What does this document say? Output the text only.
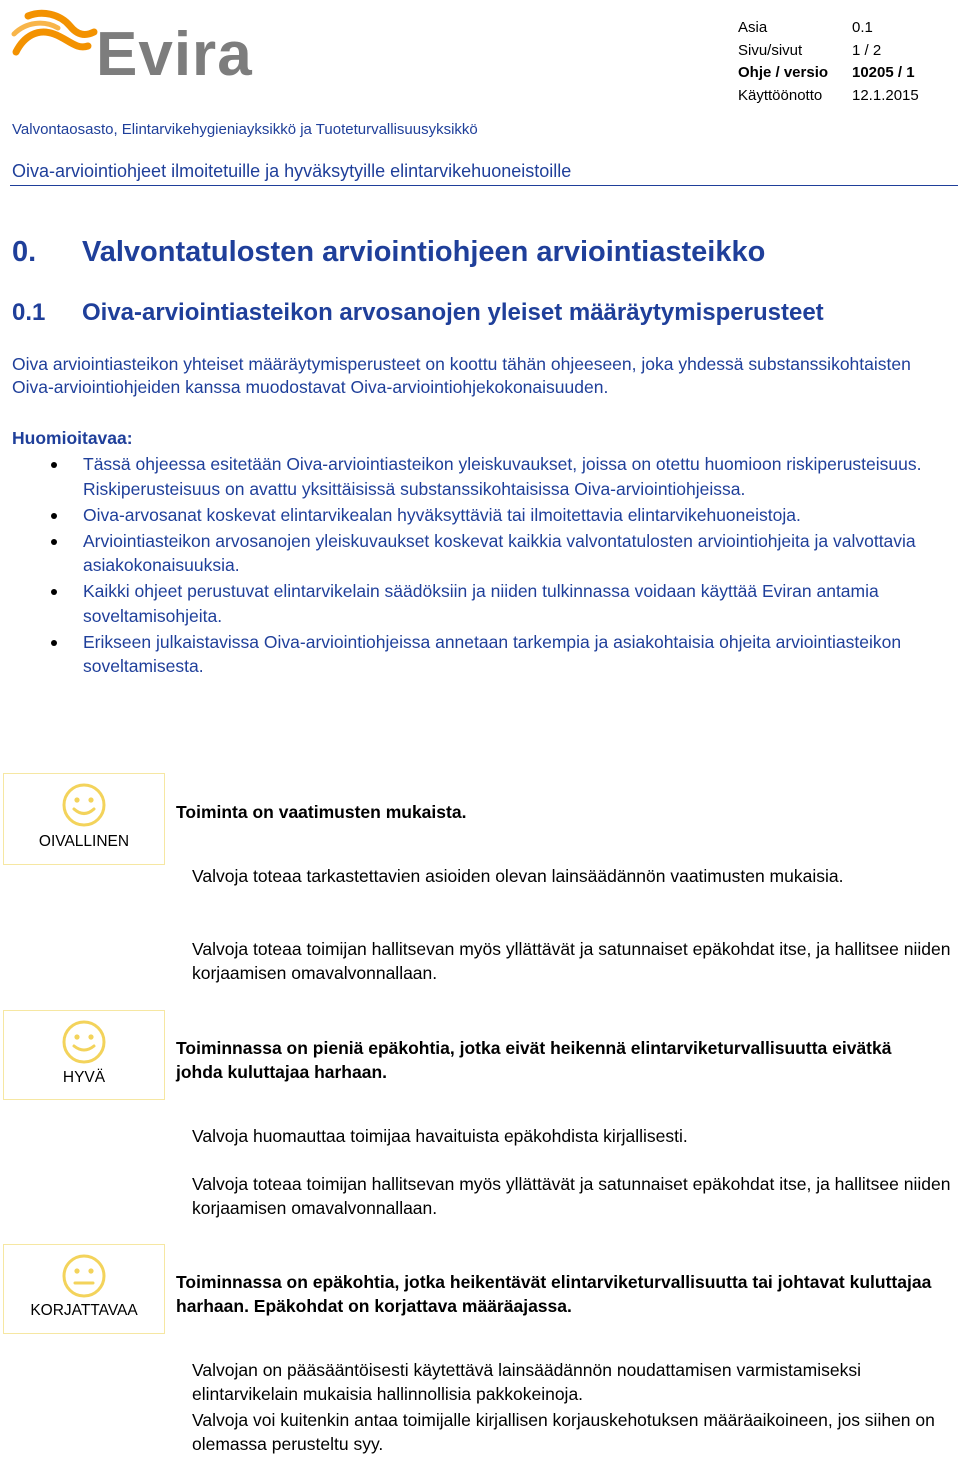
Evira	Asia	0.1
Sivu/sivut	1 / 2
Ohje / versio	10205 / 1
Käyttöönotto	12.1.2015
Valvontaosasto, Elintarvikehygieniayksikkö ja Tuoteturvallisuusyksikkö
Oiva-arviointiohjeet ilmoitetuille ja hyväksytyille elintarvikehuoneistoille
0. Valvontatulosten arviointiohjeen arviointiasteikko
0.1 Oiva-arviointiasteikon arvosanojen yleiset määräytymisperusteet
Oiva arviointiasteikon yhteiset määräytymisperusteet on koottu tähän ohjeeseen, joka yhdessä substanssikohtaisten Oiva-arviointiohjeiden kanssa muodostavat Oiva-arviointiohjekokonaisuuden.
Huomioitavaa:
Tässä ohjeessa esitetään Oiva-arviointiasteikon yleiskuvaukset, joissa on otettu huomioon riskiperusteisuus. Riskiperusteisuus on avattu yksittäisissä substanssikohtaisissa Oiva-arviointiohjeissa.
Oiva-arvosanat koskevat elintarvikealan hyväksyttäviä tai ilmoitettavia elintarvikehuoneistoja.
Arviointiasteikon arvosanojen yleiskuvaukset koskevat kaikkia valvontatulosten arviointiohjeita ja valvottavia asiakokonaisuuksia.
Kaikki ohjeet perustuvat elintarvikelain säädöksiin ja niiden tulkinnassa voidaan käyttää Eviran antamia soveltamisohjeita.
Erikseen julkaistavissa Oiva-arviointiohjeissa annetaan tarkempia ja asiakohtaisia ohjeita arviointiasteikon soveltamisesta.
OIVALLINEN
Toiminta on vaatimusten mukaista.
Valvoja toteaa tarkastettavien asioiden olevan lainsäädännön vaatimusten mukaisia.
Valvoja toteaa toimijan hallitsevan myös yllättävät ja satunnaiset epäkohdat itse, ja hallitsee niiden korjaamisen omavalvonnallaan.
HYVÄ
Toiminnassa on pieniä epäkohtia, jotka eivät heikennä elintarviketurvallisuutta eivätkä johda kuluttajaa harhaan.
Valvoja huomauttaa toimijaa havaituista epäkohdista kirjallisesti.
Valvoja toteaa toimijan hallitsevan myös yllättävät ja satunnaiset epäkohdat itse, ja hallitsee niiden korjaamisen omavalvonnallaan.
KORJATTAVAA
Toiminnassa on epäkohtia, jotka heikentävät elintarviketurvallisuutta tai johtavat kuluttajaa harhaan. Epäkohdat on korjattava määräajassa.
Valvojan on pääsääntöisesti käytettävä lainsäädännön noudattamisen varmistamiseksi elintarvikelain mukaisia hallinnollisia pakkokeinoja.
Valvoja voi kuitenkin antaa toimijalle kirjallisen korjauskehotuksen määräaikoineen, jos siihen on olemassa perusteltu syy.
